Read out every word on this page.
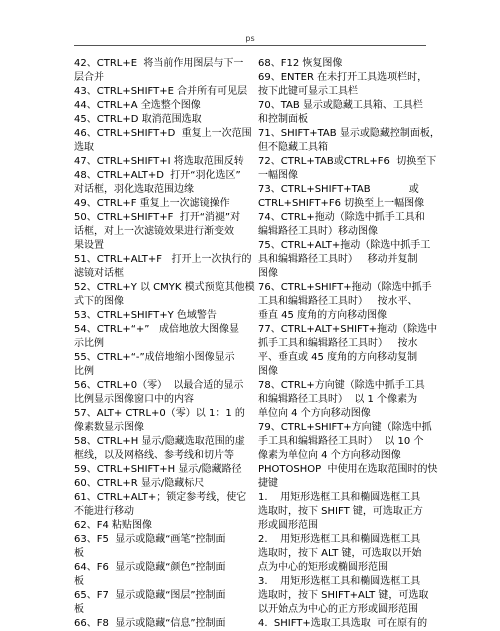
ps
42、CTRL+E  将当前作用图层与下一
层合并
43、CTRL+SHIFT+E 合并所有可见层
44、CTRL+A 全选整个图像
45、CTRL+D 取消范围选取
46、CTRL+SHIFT+D  重复上一次范围
选取
47、CTRL+SHIFT+I 将选取范围反转
48、CTRL+ALT+D  打开“羽化选区”
对话框，羽化选取范围边缘
49、CTRL+F 重复上一次滤镜操作
50、CTRL+SHIFT+F  打开“消褪”对
话框，对上一次滤镜效果进行渐变效
果设置
51、CTRL+ALT+F   打开上一次执行的
滤镜对话框
52、CTRL+Y 以 CMYK 模式预览其他模
式下的图像
53、CTRL+SHIFT+Y 色域警告
54、CTRL+“+”   成倍地放大图像显
示比例
55、CTRL+“-”成倍地缩小图像显示
比例
56、CTRL+0（零）  以最合适的显示
比例显示图像窗口中的内容
57、ALT+ CTRL+0（零）以 1：1 的
像素数显示图像
58、CTRL+H 显示/隐藏选取范围的虚
框线，以及网格线、参考线和切片等
59、CTRL+SHIFT+H 显示/隐藏路径
60、CTRL+R 显示/隐藏标尺
61、CTRL+ALT+；锁定参考线，使它
不能进行移动
62、F4 粘贴图像
63、F5  显示或隐藏“画笔”控制面
板
64、F6  显示或隐藏“颜色”控制面
板
65、F7  显示或隐藏“图层”控制面
板
66、F8  显示或隐藏“信息”控制面
68、F12 恢复图像
69、ENTER 在未打开工具选项栏时，
按下此键可显示工具栏
70、TAB 显示或隐藏工具箱、工具栏
和控制面板
71、SHIFT+TAB 显示或隐藏控制面板，
但不隐藏工具箱
72、CTRL+TAB或CTRL+F6  切换至下
一幅图像
73、CTRL+SHIFT+TAB            或
CTRL+SHIFT+F6 切换至上一幅图像
74、CTRL+拖动（除选中抓手工具和
编辑路径工具时）移动图像
75、CTRL+ALT+拖动（除选中抓手工
具和编辑路径工具时）   移动并复制
图像
76、CTRL+SHIFT+拖动（除选中抓手
工具和编辑路径工具时）   按水平、
垂直 45 度角的方向移动图像
77、CTRL+ALT+SHIFT+拖动（除选中
抓手工具和编辑路径工具时）   按水
平、垂直或 45 度角的方向移动复制
图像
78、CTRL+方向键（除选中抓手工具
和编辑路径工具时）  以 1 个像素为
单位向 4 个方向移动图像
79、CTRL+SHIFT+方向键（除选中抓
手工具和编辑路径工具时）  以 10 个
像素为单位向 4 个方向移动图像
PHOTOSHOP  中使用在选取范围时的快
捷键
1.    用矩形选框工具和椭圆选框工具
选取时，按下 SHIFT 键，可选取正方
形或圆形范围
2.    用矩形选框工具和椭圆选框工具
选取时，按下 ALT 键，可选取以开始
点为中心的矩形或椭圆形范围
3.    用矩形选框工具和椭圆选框工具
选取时，按下 SHIFT+ALT 键，可选取
以开始点为中心的正方形或圆形范围
4.  SHIFT+选取工具选取  可在原有的
